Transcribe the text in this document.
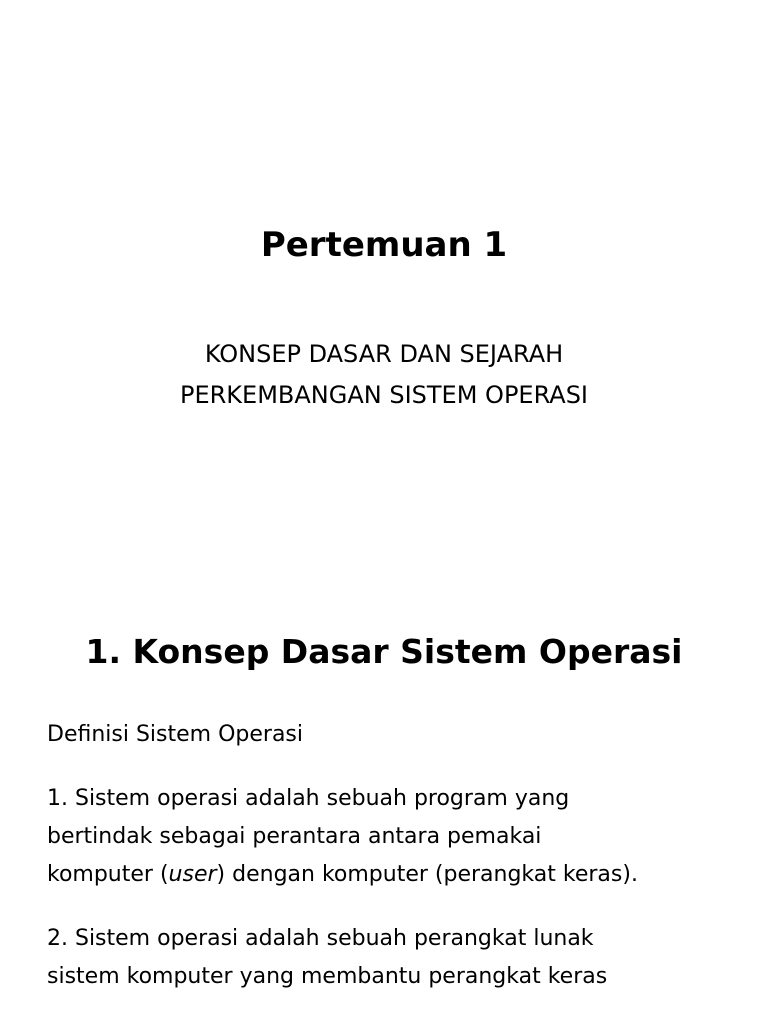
Pertemuan 1
KONSEP DASAR DAN SEJARAH
PERKEMBANGAN SISTEM OPERASI
1. Konsep Dasar Sistem Operasi

Definisi Sistem Operasi

1. Sistem operasi adalah sebuah program yang
bertindak sebagai perantara antara pemakai
komputer (user) dengan komputer (perangkat keras).

2. Sistem operasi adalah sebuah perangkat lunak
sistem komputer yang membantu perangkat keras
